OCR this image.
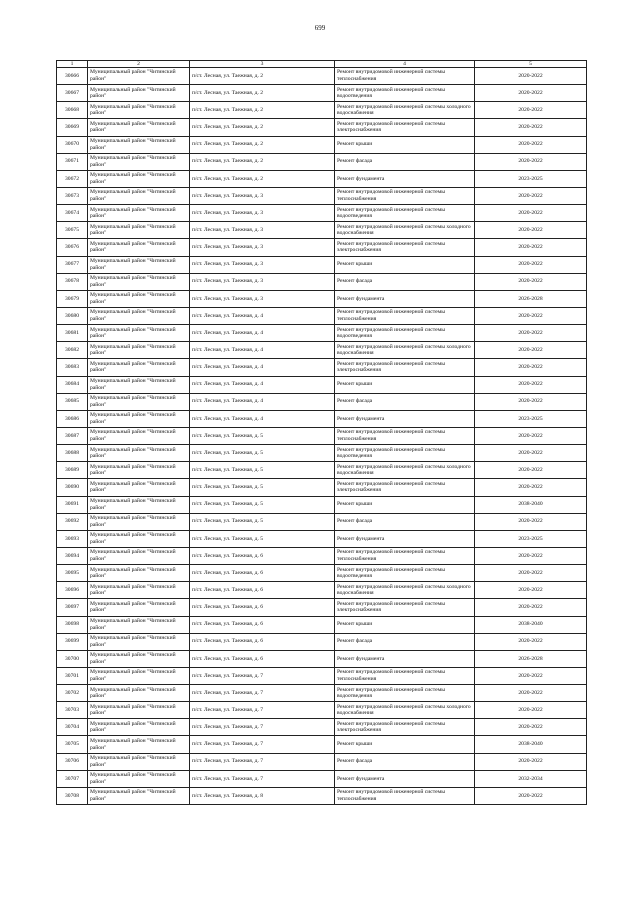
699
1	2	3	4	5
30666	Муниципальный район "Читинский район"	п/ст. Лесная, ул. Таежная, д. 2	Ремонт внутридомовой инженерной системы теплоснабжения	2020-2022
30667	Муниципальный район "Читинский район"	п/ст. Лесная, ул. Таежная, д. 2	Ремонт внутридомовой инженерной системы водоотведения	2020-2022
30668	Муниципальный район "Читинский район"	п/ст. Лесная, ул. Таежная, д. 2	Ремонт внутридомовой инженерной системы холодного водоснабжения	2020-2022
30669	Муниципальный район "Читинский район"	п/ст. Лесная, ул. Таежная, д. 2	Ремонт внутридомовой инженерной системы электроснабжения	2020-2022
30670	Муниципальный район "Читинский район"	п/ст. Лесная, ул. Таежная, д. 2	Ремонт крыши	2020-2022
30671	Муниципальный район "Читинский район"	п/ст. Лесная, ул. Таежная, д. 2	Ремонт фасада	2020-2022
30672	Муниципальный район "Читинский район"	п/ст. Лесная, ул. Таежная, д. 2	Ремонт фундамента	2023-2025
30673	Муниципальный район "Читинский район"	п/ст. Лесная, ул. Таежная, д. 3	Ремонт внутридомовой инженерной системы теплоснабжения	2020-2022
30674	Муниципальный район "Читинский район"	п/ст. Лесная, ул. Таежная, д. 3	Ремонт внутридомовой инженерной системы водоотведения	2020-2022
30675	Муниципальный район "Читинский район"	п/ст. Лесная, ул. Таежная, д. 3	Ремонт внутридомовой инженерной системы холодного водоснабжения	2020-2022
30676	Муниципальный район "Читинский район"	п/ст. Лесная, ул. Таежная, д. 3	Ремонт внутридомовой инженерной системы электроснабжения	2020-2022
30677	Муниципальный район "Читинский район"	п/ст. Лесная, ул. Таежная, д. 3	Ремонт крыши	2020-2022
30678	Муниципальный район "Читинский район"	п/ст. Лесная, ул. Таежная, д. 3	Ремонт фасада	2020-2022
30679	Муниципальный район "Читинский район"	п/ст. Лесная, ул. Таежная, д. 3	Ремонт фундамента	2026-2028
30680	Муниципальный район "Читинский район"	п/ст. Лесная, ул. Таежная, д. 4	Ремонт внутридомовой инженерной системы теплоснабжения	2020-2022
30681	Муниципальный район "Читинский район"	п/ст. Лесная, ул. Таежная, д. 4	Ремонт внутридомовой инженерной системы водоотведения	2020-2022
30682	Муниципальный район "Читинский район"	п/ст. Лесная, ул. Таежная, д. 4	Ремонт внутридомовой инженерной системы холодного водоснабжения	2020-2022
30683	Муниципальный район "Читинский район"	п/ст. Лесная, ул. Таежная, д. 4	Ремонт внутридомовой инженерной системы электроснабжения	2020-2022
30684	Муниципальный район "Читинский район"	п/ст. Лесная, ул. Таежная, д. 4	Ремонт крыши	2020-2022
30685	Муниципальный район "Читинский район"	п/ст. Лесная, ул. Таежная, д. 4	Ремонт фасада	2020-2022
30686	Муниципальный район "Читинский район"	п/ст. Лесная, ул. Таежная, д. 4	Ремонт фундамента	2023-2025
30687	Муниципальный район "Читинский район"	п/ст. Лесная, ул. Таежная, д. 5	Ремонт внутридомовой инженерной системы теплоснабжения	2020-2022
30688	Муниципальный район "Читинский район"	п/ст. Лесная, ул. Таежная, д. 5	Ремонт внутридомовой инженерной системы водоотведения	2020-2022
30689	Муниципальный район "Читинский район"	п/ст. Лесная, ул. Таежная, д. 5	Ремонт внутридомовой инженерной системы холодного водоснабжения	2020-2022
30690	Муниципальный район "Читинский район"	п/ст. Лесная, ул. Таежная, д. 5	Ремонт внутридомовой инженерной системы электроснабжения	2020-2022
30691	Муниципальный район "Читинский район"	п/ст. Лесная, ул. Таежная, д. 5	Ремонт крыши	2038-2040
30692	Муниципальный район "Читинский район"	п/ст. Лесная, ул. Таежная, д. 5	Ремонт фасада	2020-2022
30693	Муниципальный район "Читинский район"	п/ст. Лесная, ул. Таежная, д. 5	Ремонт фундамента	2023-2025
30694	Муниципальный район "Читинский район"	п/ст. Лесная, ул. Таежная, д. 6	Ремонт внутридомовой инженерной системы теплоснабжения	2020-2022
30695	Муниципальный район "Читинский район"	п/ст. Лесная, ул. Таежная, д. 6	Ремонт внутридомовой инженерной системы водоотведения	2020-2022
30696	Муниципальный район "Читинский район"	п/ст. Лесная, ул. Таежная, д. 6	Ремонт внутридомовой инженерной системы холодного водоснабжения	2020-2022
30697	Муниципальный район "Читинский район"	п/ст. Лесная, ул. Таежная, д. 6	Ремонт внутридомовой инженерной системы электроснабжения	2020-2022
30698	Муниципальный район "Читинский район"	п/ст. Лесная, ул. Таежная, д. 6	Ремонт крыши	2038-2040
30699	Муниципальный район "Читинский район"	п/ст. Лесная, ул. Таежная, д. 6	Ремонт фасада	2020-2022
30700	Муниципальный район "Читинский район"	п/ст. Лесная, ул. Таежная, д. 6	Ремонт фундамента	2026-2028
30701	Муниципальный район "Читинский район"	п/ст. Лесная, ул. Таежная, д. 7	Ремонт внутридомовой инженерной системы теплоснабжения	2020-2022
30702	Муниципальный район "Читинский район"	п/ст. Лесная, ул. Таежная, д. 7	Ремонт внутридомовой инженерной системы водоотведения	2020-2022
30703	Муниципальный район "Читинский район"	п/ст. Лесная, ул. Таежная, д. 7	Ремонт внутридомовой инженерной системы холодного водоснабжения	2020-2022
30704	Муниципальный район "Читинский район"	п/ст. Лесная, ул. Таежная, д. 7	Ремонт внутридомовой инженерной системы электроснабжения	2020-2022
30705	Муниципальный район "Читинский район"	п/ст. Лесная, ул. Таежная, д. 7	Ремонт крыши	2038-2040
30706	Муниципальный район "Читинский район"	п/ст. Лесная, ул. Таежная, д. 7	Ремонт фасада	2020-2022
30707	Муниципальный район "Читинский район"	п/ст. Лесная, ул. Таежная, д. 7	Ремонт фундамента	2032-2034
30708	Муниципальный район "Читинский район"	п/ст. Лесная, ул. Таежная, д. 8	Ремонт внутридомовой инженерной системы теплоснабжения	2020-2022
